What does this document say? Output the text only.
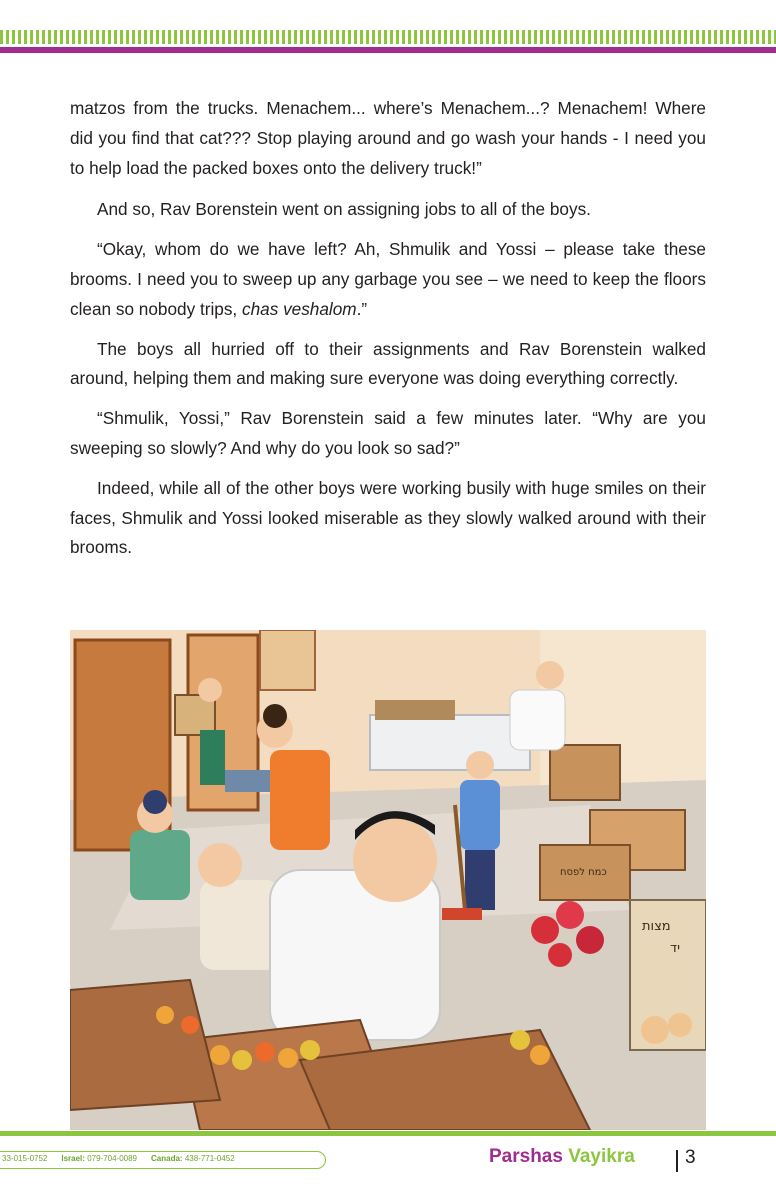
matzos from the trucks. Menachem... where’s Menachem...? Menachem! Where did you find that cat??? Stop playing around and go wash your hands - I need you to help load the packed boxes onto the delivery truck!”

And so, Rav Borenstein went on assigning jobs to all of the boys.

“Okay, whom do we have left? Ah, Shmulik and Yossi – please take these brooms. I need you to sweep up any garbage you see – we need to keep the floors clean so nobody trips, chas veshalom.”

The boys all hurried off to their assignments and Rav Borenstein walked around, helping them and making sure everyone was doing everything correctly.

“Shmulik, Yossi,” Rav Borenstein said a few minutes later. “Why are you sweeping so slowly? And why do you look so sad?”

Indeed, while all of the other boys were working busily with huge smiles on their faces, Shmulik and Yossi looked miserable as they slowly walked around with their brooms.

כמח לפסח
מצות
יד
33-015-0752 Israel: 079-704-0089 Canada: 438-771-0452	Parshas Vayikra	3
